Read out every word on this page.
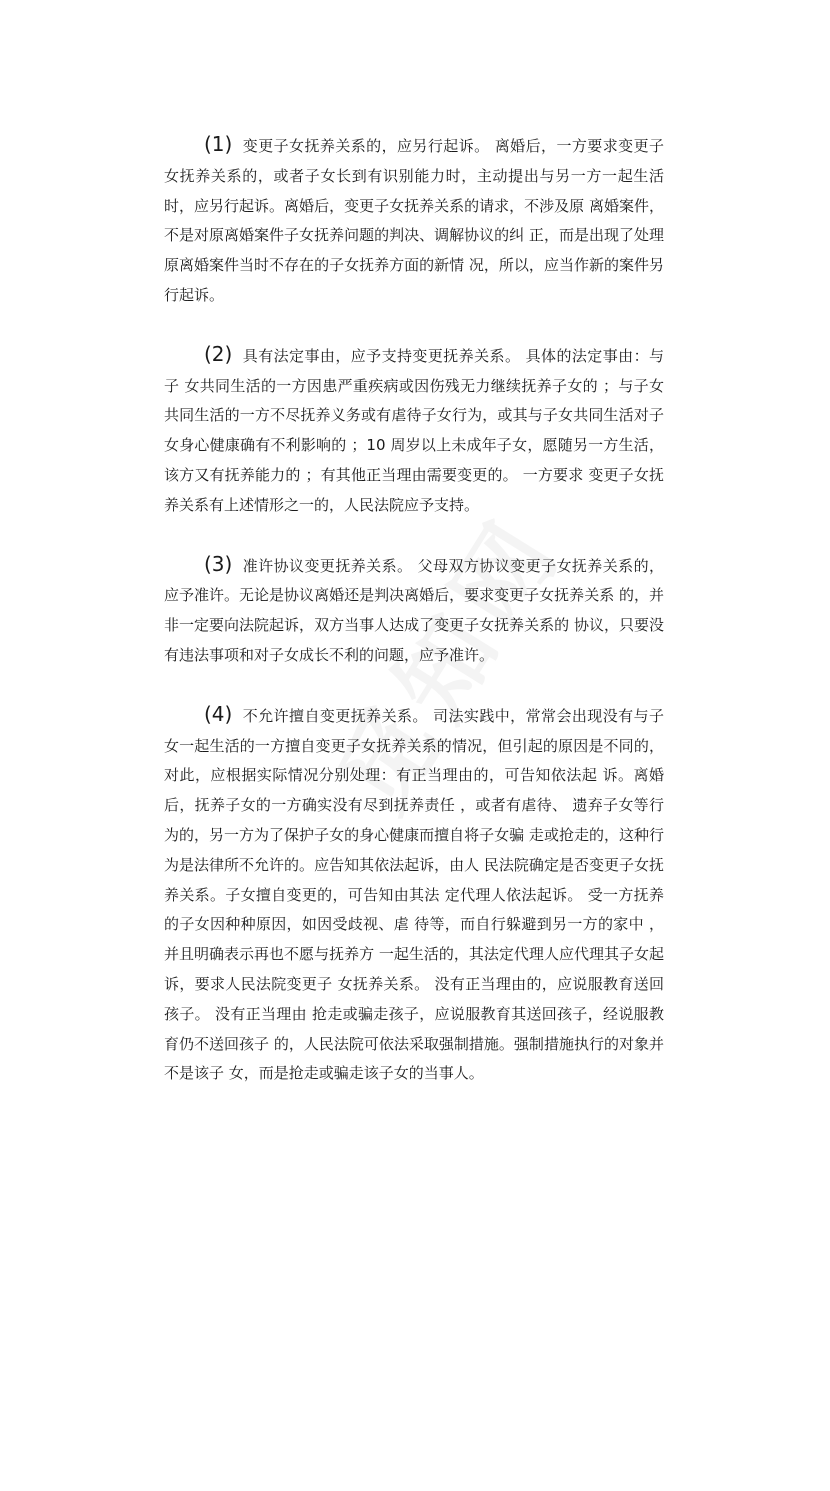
(1) 变更子女抚养关系的，应另行起诉。 离婚后，一方要求变更子 女抚养关系的，或者子女长到有识别能力时，主动提出与另一方一起生活时，应另行起诉。离婚后，变更子女抚养关系的请求，不涉及原 离婚案件，不是对原离婚案件子女抚养问题的判决、调解协议的纠 正，而是出现了处理原离婚案件当时不存在的子女抚养方面的新情 况，所以，应当作新的案件另行起诉。

(2) 具有法定事由，应予支持变更抚养关系。 具体的法定事由：与子 女共同生活的一方因患严重疾病或因伤残无力继续抚养子女的 ；与子女 共同生活的一方不尽抚养义务或有虐待子女行为，或其与子女共同生活对子女身心健康确有不利影响的 ；10 周岁以上未成年子女，愿随另一方生活，该方又有抚养能力的 ；有其他正当理由需要变更的。 一方要求 变更子女抚养关系有上述情形之一的，人民法院应予支持。

(3) 准许协议变更抚养关系。 父母双方协议变更子女抚养关系的，应予准许。无论是协议离婚还是判决离婚后，要求变更子女抚养关系 的，并非一定要向法院起诉，双方当事人达成了变更子女抚养关系的 协议，只要没有违法事项和对子女成长不利的问题，应予准许。

(4) 不允许擅自变更抚养关系。 司法实践中，常常会出现没有与子 女一起生活的一方擅自变更子女抚养关系的情况，但引起的原因是不同的，对此，应根据实际情况分别处理：有正当理由的，可告知依法起 诉。离婚后，抚养子女的一方确实没有尽到抚养责任 ，或者有虐待、 遗弃子女等行为的，另一方为了保护子女的身心健康而擅自将子女骗 走或抢走的，这种行为是法律所不允许的。应告知其依法起诉，由人 民法院确定是否变更子女抚养关系。子女擅自变更的，可告知由其法 定代理人依法起诉。 受一方抚养的子女因种种原因，如因受歧视、虐 待等，而自行躲避到另一方的家中 ，并且明确表示再也不愿与抚养方 一起生活的，其法定代理人应代理其子女起诉，要求人民法院变更子 女抚养关系。 没有正当理由的，应说服教育送回孩子。 没有正当理由 抢走或骗走孩子，应说服教育其送回孩子，经说服教育仍不送回孩子 的，人民法院可依法采取强制措施。强制措施执行的对象并不是该子 女，而是抢走或骗走该子女的当事人。
